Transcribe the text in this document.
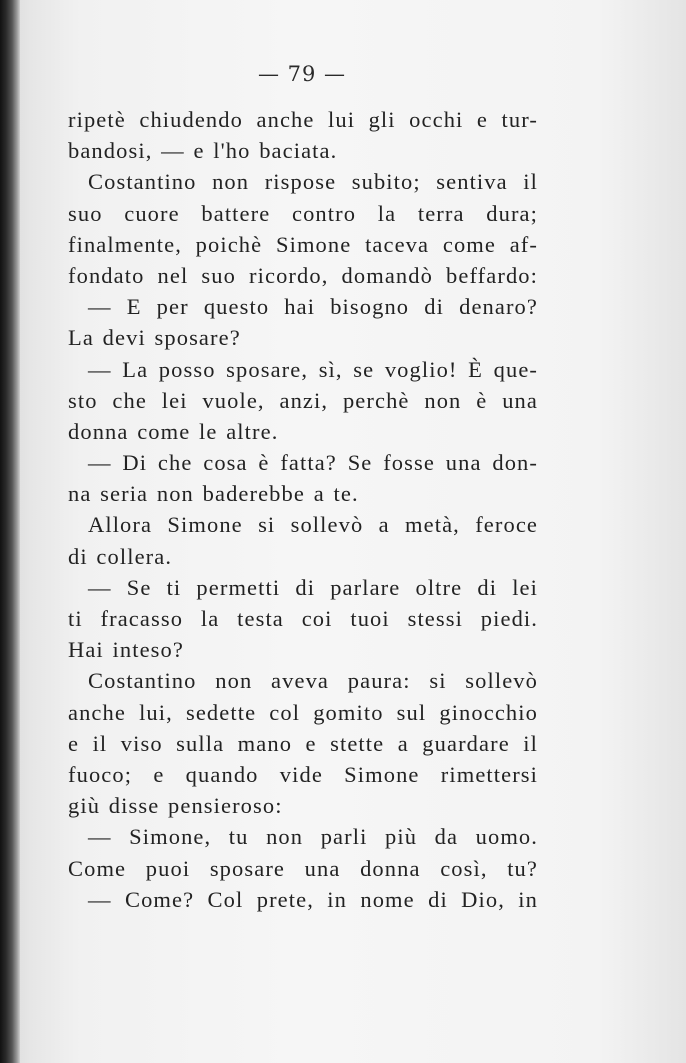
— 79 —
ripetè chiudendo anche lui gli occhi e tur-
bandosi, — e l'ho baciata.
Costantino non rispose subito; sentiva il
suo cuore battere contro la terra dura;
finalmente, poichè Simone taceva come af-
fondato nel suo ricordo, domandò beffardo:
— E per questo hai bisogno di denaro?
La devi sposare?
— La posso sposare, sì, se voglio! È que-
sto che lei vuole, anzi, perchè non è una
donna come le altre.
— Di che cosa è fatta? Se fosse una don-
na seria non baderebbe a te.
Allora Simone si sollevò a metà, feroce
di collera.
— Se ti permetti di parlare oltre di lei
ti fracasso la testa coi tuoi stessi piedi.
Hai inteso?
Costantino non aveva paura: si sollevò
anche lui, sedette col gomito sul ginocchio
e il viso sulla mano e stette a guardare il
fuoco; e quando vide Simone rimettersi
giù disse pensieroso:
— Simone, tu non parli più da uomo.
Come puoi sposare una donna così, tu?
— Come? Col prete, in nome di Dio, in
